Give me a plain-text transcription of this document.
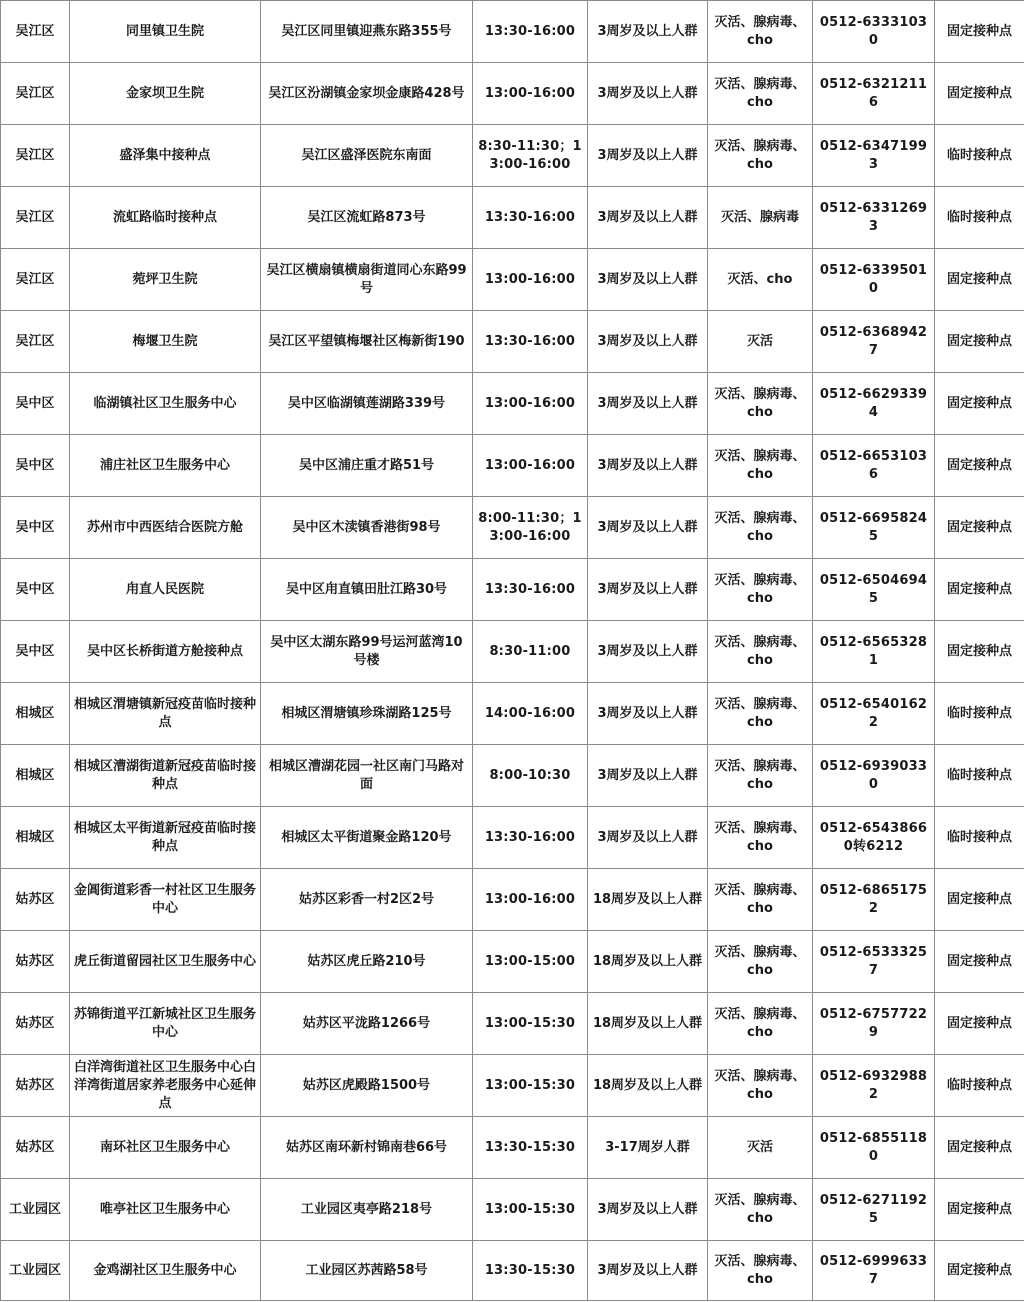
吴江区	同里镇卫生院	吴江区同里镇迎燕东路355号	13:30-16:00	3周岁及以上人群	灭活、腺病毒、cho	0512-63331030	固定接种点
吴江区	金家坝卫生院	吴江区汾湖镇金家坝金康路428号	13:00-16:00	3周岁及以上人群	灭活、腺病毒、cho	0512-63212116	固定接种点
吴江区	盛泽集中接种点	吴江区盛泽医院东南面	8:30-11:30；13:00-16:00	3周岁及以上人群	灭活、腺病毒、cho	0512-63471993	临时接种点
吴江区	流虹路临时接种点	吴江区流虹路873号	13:30-16:00	3周岁及以上人群	灭活、腺病毒	0512-63312693	临时接种点
吴江区	菀坪卫生院	吴江区横扇镇横扇街道同心东路99号	13:00-16:00	3周岁及以上人群	灭活、cho	0512-63395010	固定接种点
吴江区	梅堰卫生院	吴江区平望镇梅堰社区梅新街190	13:30-16:00	3周岁及以上人群	灭活	0512-63689427	固定接种点
吴中区	临湖镇社区卫生服务中心	吴中区临湖镇莲湖路339号	13:00-16:00	3周岁及以上人群	灭活、腺病毒、cho	0512-66293394	固定接种点
吴中区	浦庄社区卫生服务中心	吴中区浦庄重才路51号	13:00-16:00	3周岁及以上人群	灭活、腺病毒、cho	0512-66531036	固定接种点
吴中区	苏州市中西医结合医院方舱	吴中区木渎镇香港街98号	8:00-11:30；13:00-16:00	3周岁及以上人群	灭活、腺病毒、cho	0512-66958245	固定接种点
吴中区	甪直人民医院	吴中区甪直镇田肚江路30号	13:30-16:00	3周岁及以上人群	灭活、腺病毒、cho	0512-65046945	固定接种点
吴中区	吴中区长桥街道方舱接种点	吴中区太湖东路99号运河蓝湾10号楼	8:30-11:00	3周岁及以上人群	灭活、腺病毒、cho	0512-65653281	固定接种点
相城区	相城区渭塘镇新冠疫苗临时接种点	相城区渭塘镇珍珠湖路125号	14:00-16:00	3周岁及以上人群	灭活、腺病毒、cho	0512-65401622	临时接种点
相城区	相城区漕湖街道新冠疫苗临时接种点	相城区漕湖花园一社区南门马路对面	8:00-10:30	3周岁及以上人群	灭活、腺病毒、cho	0512-69390330	临时接种点
相城区	相城区太平街道新冠疫苗临时接种点	相城区太平街道聚金路120号	13:30-16:00	3周岁及以上人群	灭活、腺病毒、cho	0512-65438660转6212	临时接种点
姑苏区	金阊街道彩香一村社区卫生服务中心	姑苏区彩香一村2区2号	13:00-16:00	18周岁及以上人群	灭活、腺病毒、cho	0512-68651752	固定接种点
姑苏区	虎丘街道留园社区卫生服务中心	姑苏区虎丘路210号	13:00-15:00	18周岁及以上人群	灭活、腺病毒、cho	0512-65333257	固定接种点
姑苏区	苏锦街道平江新城社区卫生服务中心	姑苏区平泷路1266号	13:00-15:30	18周岁及以上人群	灭活、腺病毒、cho	0512-67577229	固定接种点
姑苏区	白洋湾街道社区卫生服务中心白洋湾街道居家养老服务中心延伸点	姑苏区虎殿路1500号	13:00-15:30	18周岁及以上人群	灭活、腺病毒、cho	0512-69329882	临时接种点
姑苏区	南环社区卫生服务中心	姑苏区南环新村锦南巷66号	13:30-15:30	3-17周岁人群	灭活	0512-68551180	固定接种点
工业园区	唯亭社区卫生服务中心	工业园区夷亭路218号	13:00-15:30	3周岁及以上人群	灭活、腺病毒、cho	0512-62711925	固定接种点
工业园区	金鸡湖社区卫生服务中心	工业园区苏茜路58号	13:30-15:30	3周岁及以上人群	灭活、腺病毒、cho	0512-69996337	固定接种点
